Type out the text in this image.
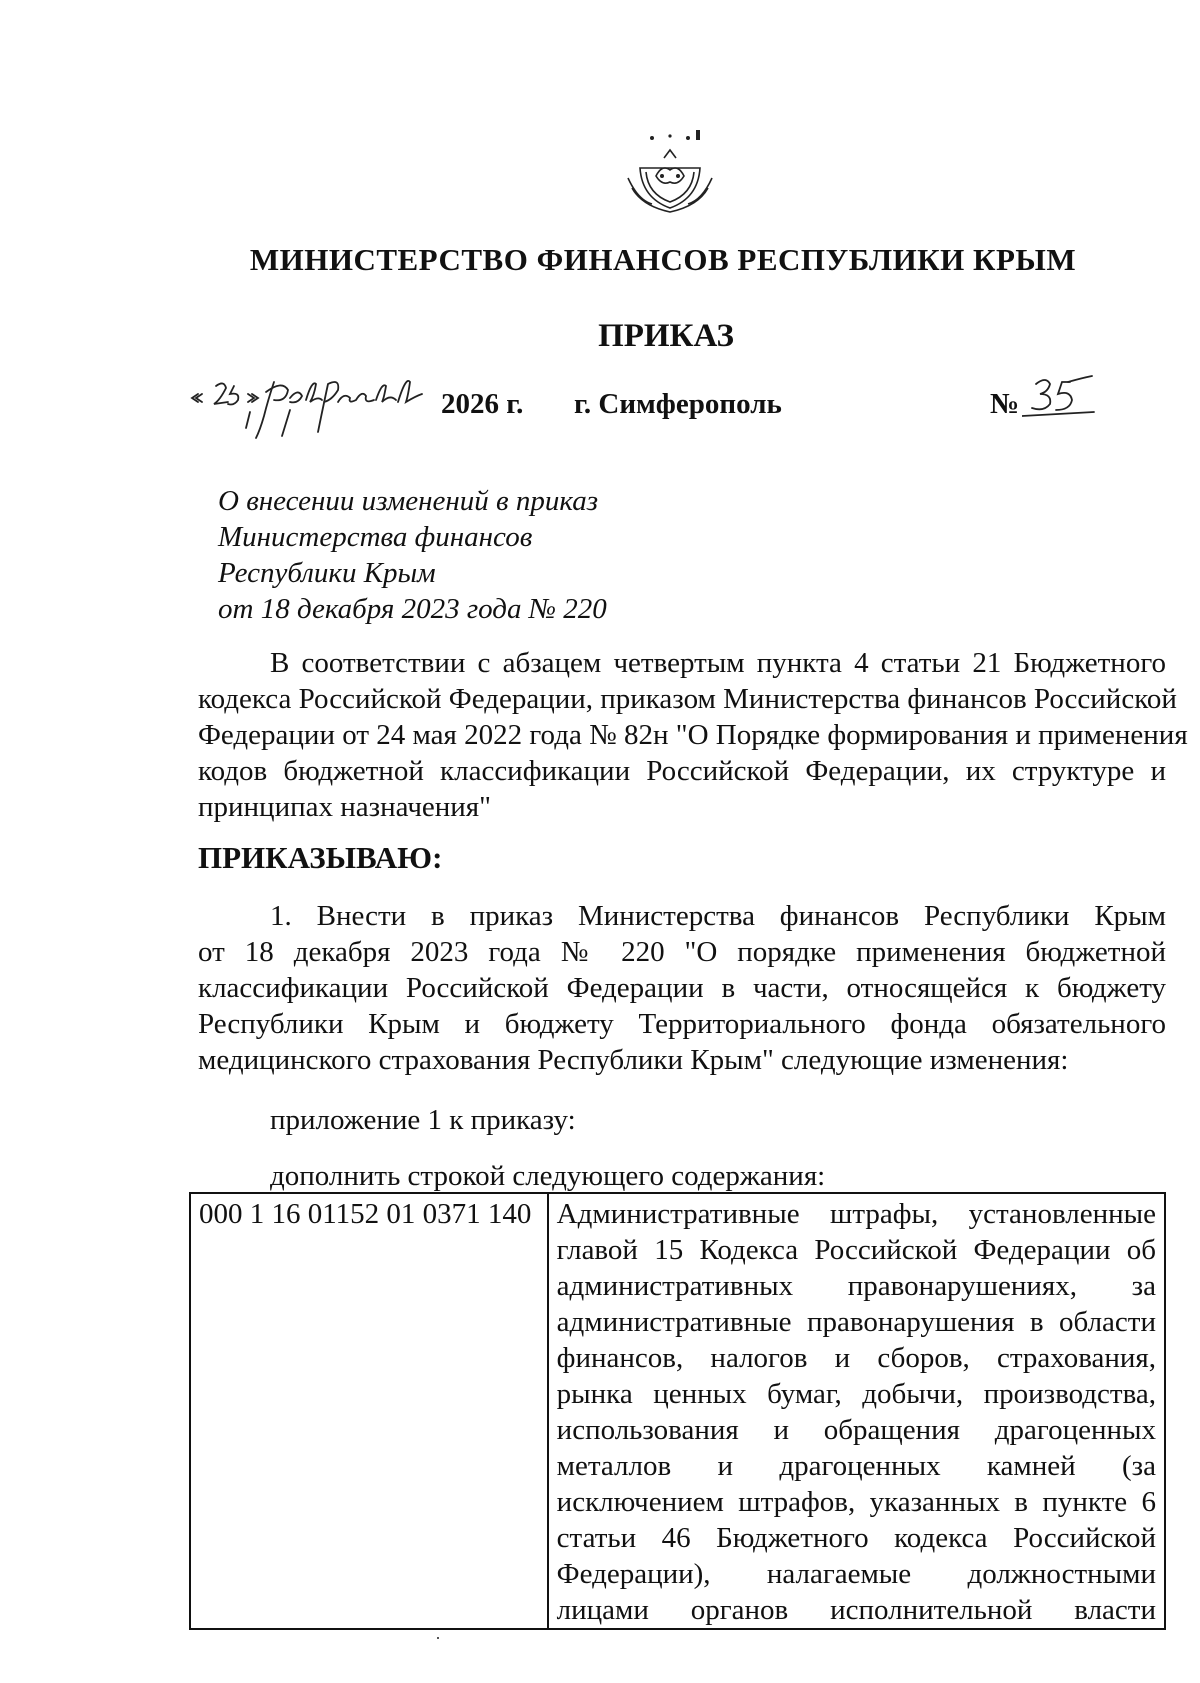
МИНИСТЕРСТВО ФИНАНСОВ РЕСПУБЛИКИ КРЫМ
ПРИКАЗ
2026 г. г. Симферополь	№
О внесении изменений в приказ
Министерства финансов
Республики Крым
от 18 декабря 2023 года № 220
В соответствии с абзацем четвертым пункта 4 статьи 21 Бюджетного
кодекса Российской Федерации, приказом Министерства финансов Российской
Федерации от 24 мая 2022 года № 82н "О Порядке формирования и применения
кодов бюджетной классификации Российской Федерации, их структуре и
принципах назначения"
ПРИКАЗЫВАЮ:
1. Внести в приказ Министерства финансов Республики Крым
от 18 декабря 2023 года № 220 "О порядке применения бюджетной
классификации Российской Федерации в части, относящейся к бюджету
Республики Крым и бюджету Территориального фонда обязательного
медицинского страхования Республики Крым" следующие изменения:
приложение 1 к приказу:
дополнить строкой следующего содержания:
000 1 16 01152 01 0371 140	Административные штрафы, установленные
главой 15 Кодекса Российской Федерации об
административных правонарушениях, за
административные правонарушения в области
финансов, налогов и сборов, страхования,
рынка ценных бумаг, добычи, производства,
использования и обращения драгоценных
металлов и драгоценных камней (за
исключением штрафов, указанных в пункте 6
статьи 46 Бюджетного кодекса Российской
Федерации), налагаемые должностными
лицами органов исполнительной власти
